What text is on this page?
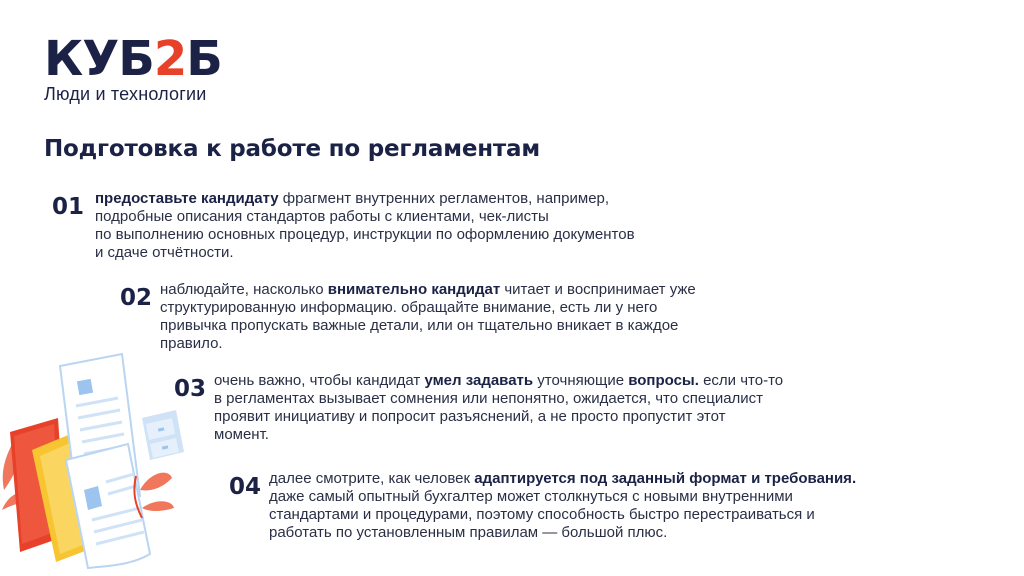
КУБ2Б
Люди и технологии
Подготовка к работе по регламентам
01 предоставьте кандидату фрагмент внутренних регламентов, например,
подробные описания стандартов работы с клиентами, чек-листы
по выполнению основных процедур, инструкции по оформлению документов
и сдаче отчётности.
02 наблюдайте, насколько внимательно кандидат читает и воспринимает уже
структурированную информацию. обращайте внимание, есть ли у него
привычка пропускать важные детали, или он тщательно вникает в каждое
правило.
03 очень важно, чтобы кандидат умел задавать уточняющие вопросы. если что-то
в регламентах вызывает сомнения или непонятно, ожидается, что специалист
проявит инициативу и попросит разъяснений, а не просто пропустит этот
момент.
04 далее смотрите, как человек адаптируется под заданный формат и требования.
даже самый опытный бухгалтер может столкнуться с новыми внутренними
стандартами и процедурами, поэтому способность быстро перестраиваться и
работать по установленным правилам — большой плюс.
